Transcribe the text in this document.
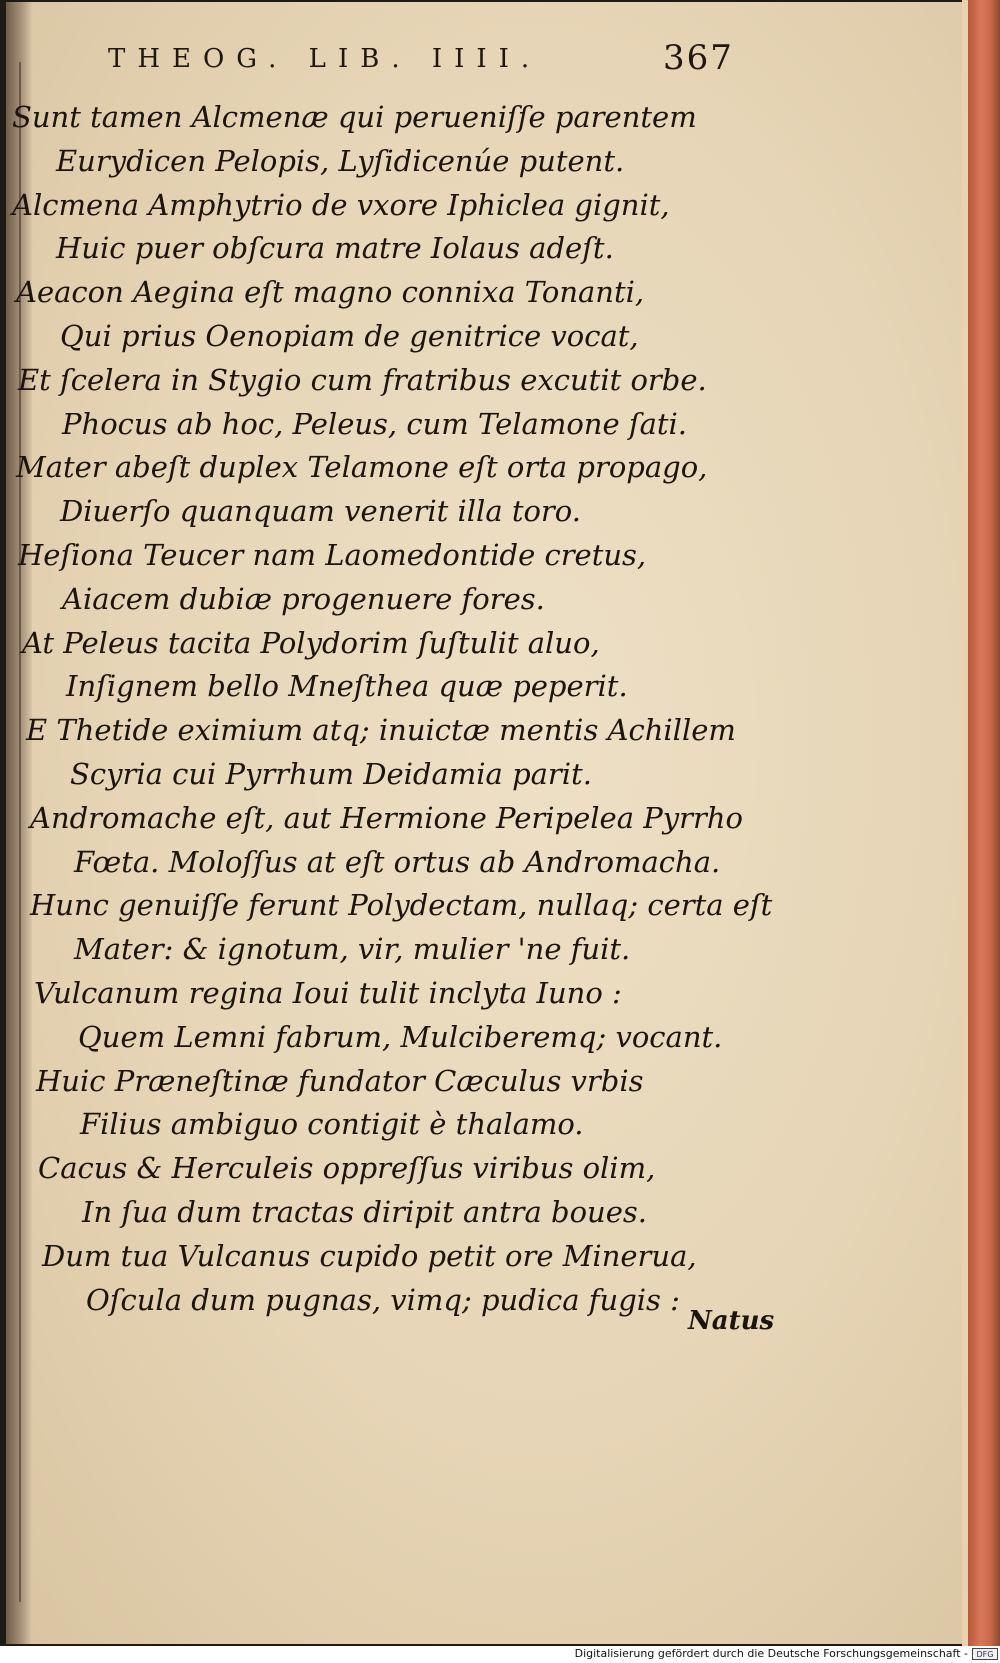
THEOG. LIB. IIII.	367
Sunt tamen Alcmenæ qui perueniſſe parentem
Eurydicen Pelopis, Lyſidicenúe putent.
Alcmena Amphytrio de vxore Iphiclea gignit,
Huic puer obſcura matre Iolaus adeſt.
Aeacon Aegina eſt magno connixa Tonanti,
Qui prius Oenopiam de genitrice vocat,
Et ſcelera in Stygio cum fratribus excutit orbe.
Phocus ab hoc, Peleus, cum Telamone ſati.
Mater abeſt duplex Telamone eſt orta propago,
Diuerſo quanquam venerit illa toro.
Heſiona Teucer nam Laomedontide cretus,
Aiacem dubiæ progenuere fores.
At Peleus tacita Polydorim ſuſtulit aluo,
Inſignem bello Mneſthea quæ peperit.
E Thetide eximium atq; inuictæ mentis Achillem
Scyria cui Pyrrhum Deidamia parit.
Andromache eſt, aut Hermione Peripelea Pyrrho
Fœta. Moloſſus at eſt ortus ab Andromacha.
Hunc genuiſſe ferunt Polydectam, nullaq; certa eſt
Mater: & ignotum, vir, mulier 'ne fuit.
Vulcanum regina Ioui tulit inclyta Iuno :
Quem Lemni fabrum, Mulciberemq; vocant.
Huic Præneſtinæ fundator Cæculus vrbis
Filius ambiguo contigit è thalamo.
Cacus & Herculeis oppreſſus viribus olim,
In ſua dum tractas diripit antra boues.
Dum tua Vulcanus cupido petit ore Minerua,
Oſcula dum pugnas, vimq; pudica fugis :
Natus
Digitalisierung gefördert durch die Deutsche Forschungsgemeinschaft -	DFG
